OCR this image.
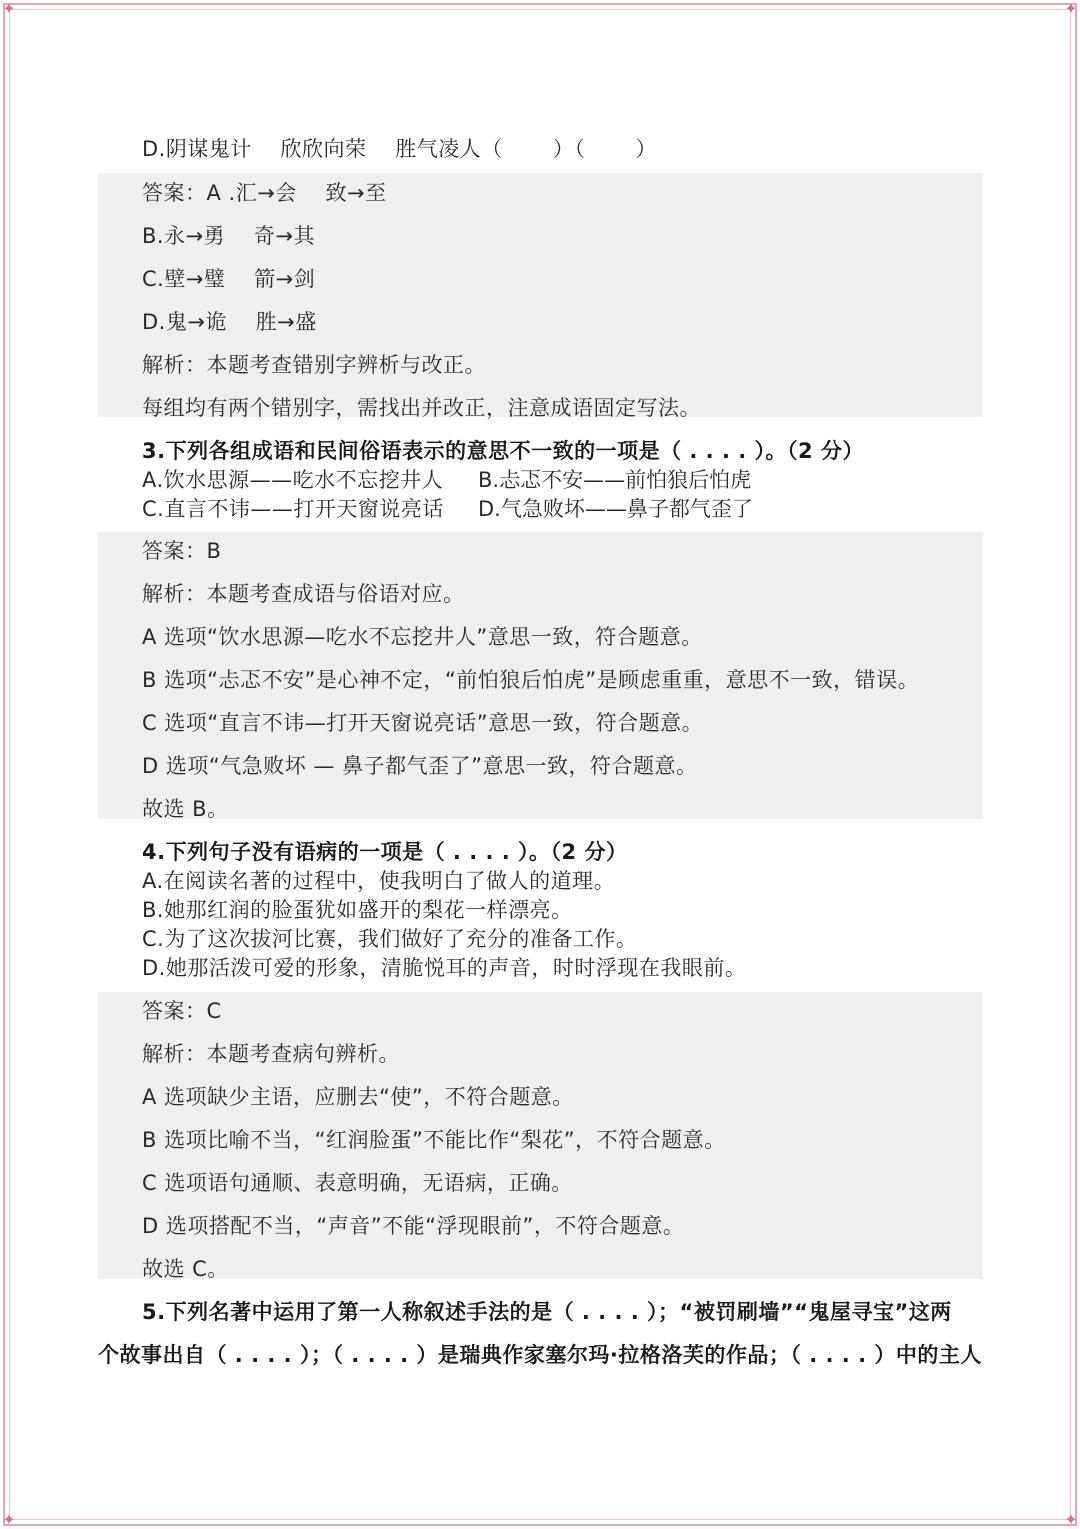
✦	✦
✦	✦
D.阴谋鬼计　 欣欣向荣　 胜气凌人（　　 ）（　　 ）
答案：A .汇→会　 致→至
B.永→勇　 奇→其
C.壁→璧　 箭→剑
D.鬼→诡　 胜→盛
解析：本题考查错别字辨析与改正。
每组均有两个错别字，需找出并改正，注意成语固定写法。
3.下列各组成语和民间俗语表示的意思不一致的一项是（ . . . . ）。（2 分）
A.饮水思源——吃水不忘挖井人 B.忐忑不安——前怕狼后怕虎
C.直言不讳——打开天窗说亮话 D.气急败坏——鼻子都气歪了
答案：B
解析：本题考查成语与俗语对应。
A 选项“饮水思源—吃水不忘挖井人”意思一致，符合题意。
B 选项“忐忑不安”是心神不定，“前怕狼后怕虎”是顾虑重重，意思不一致，错误。
C 选项“直言不讳—打开天窗说亮话”意思一致，符合题意。
D 选项“气急败坏 — 鼻子都气歪了”意思一致，符合题意。
故选 B。
4.下列句子没有语病的一项是（ . . . . ）。（2 分）
A.在阅读名著的过程中，使我明白了做人的道理。
B.她那红润的脸蛋犹如盛开的梨花一样漂亮。
C.为了这次拔河比赛，我们做好了充分的准备工作。
D.她那活泼可爱的形象，清脆悦耳的声音，时时浮现在我眼前。
答案：C
解析：本题考查病句辨析。
A 选项缺少主语，应删去“使”，不符合题意。
B 选项比喻不当，“红润脸蛋”不能比作“梨花”，不符合题意。
C 选项语句通顺、表意明确，无语病，正确。
D 选项搭配不当，“声音”不能“浮现眼前”，不符合题意。
故选 C。
5.下列名著中运用了第一人称叙述手法的是（ . . . . ）；“被罚刷墙”“鬼屋寻宝”这两
个故事出自（ . . . . ）；（ . . . . ）是瑞典作家塞尔玛·拉格洛芙的作品；（ . . . . ）中的主人
